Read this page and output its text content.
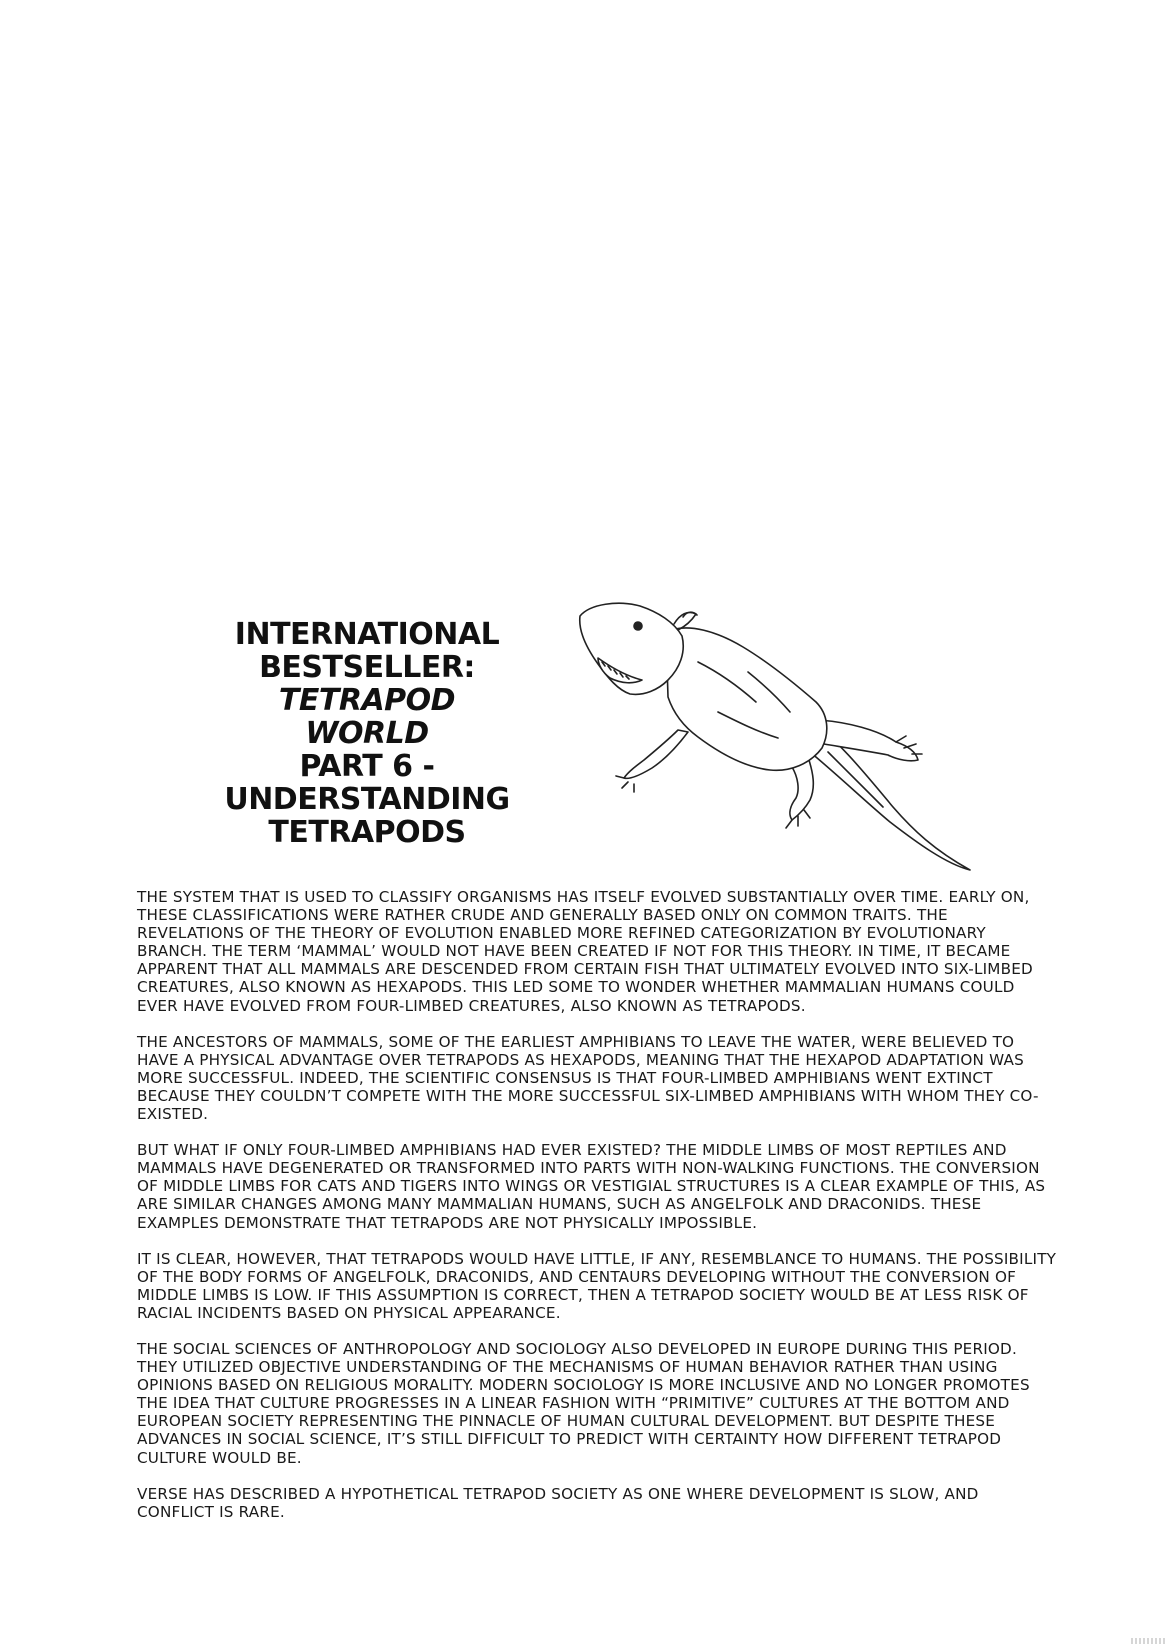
INTERNATIONAL
BESTSELLER:
TETRAPOD WORLD
PART 6 -
UNDERSTANDING
TETRAPODS

THE SYSTEM THAT IS USED TO CLASSIFY ORGANISMS HAS ITSELF EVOLVED SUBSTANTIALLY OVER TIME. EARLY ON, THESE CLASSIFICATIONS WERE RATHER CRUDE AND GENERALLY BASED ONLY ON COMMON TRAITS. THE REVELATIONS OF THE THEORY OF EVOLUTION ENABLED MORE REFINED CATEGORIZATION BY EVOLUTIONARY BRANCH. THE TERM ‘MAMMAL’ WOULD NOT HAVE BEEN CREATED IF NOT FOR THIS THEORY. IN TIME, IT BECAME APPARENT THAT ALL MAMMALS ARE DESCENDED FROM CERTAIN FISH THAT ULTIMATELY EVOLVED INTO SIX-LIMBED CREATURES, ALSO KNOWN AS HEXAPODS. THIS LED SOME TO WONDER WHETHER MAMMALIAN HUMANS COULD EVER HAVE EVOLVED FROM FOUR-LIMBED CREATURES, ALSO KNOWN AS TETRAPODS.

THE ANCESTORS OF MAMMALS, SOME OF THE EARLIEST AMPHIBIANS TO LEAVE THE WATER, WERE BELIEVED TO HAVE A PHYSICAL ADVANTAGE OVER TETRAPODS AS HEXAPODS, MEANING THAT THE HEXAPOD ADAPTATION WAS MORE SUCCESSFUL. INDEED, THE SCIENTIFIC CONSENSUS IS THAT FOUR-LIMBED AMPHIBIANS WENT EXTINCT BECAUSE THEY COULDN’T COMPETE WITH THE MORE SUCCESSFUL SIX-LIMBED AMPHIBIANS WITH WHOM THEY CO-EXISTED.

BUT WHAT IF ONLY FOUR-LIMBED AMPHIBIANS HAD EVER EXISTED? THE MIDDLE LIMBS OF MOST REPTILES AND MAMMALS HAVE DEGENERATED OR TRANSFORMED INTO PARTS WITH NON-WALKING FUNCTIONS. THE CONVERSION OF MIDDLE LIMBS FOR CATS AND TIGERS INTO WINGS OR VESTIGIAL STRUCTURES IS A CLEAR EXAMPLE OF THIS, AS ARE SIMILAR CHANGES AMONG MANY MAMMALIAN HUMANS, SUCH AS ANGELFOLK AND DRACONIDS. THESE EXAMPLES DEMONSTRATE THAT TETRAPODS ARE NOT PHYSICALLY IMPOSSIBLE.

IT IS CLEAR, HOWEVER, THAT TETRAPODS WOULD HAVE LITTLE, IF ANY, RESEMBLANCE TO HUMANS. THE POSSIBILITY OF THE BODY FORMS OF ANGELFOLK, DRACONIDS, AND CENTAURS DEVELOPING WITHOUT THE CONVERSION OF MIDDLE LIMBS IS LOW. IF THIS ASSUMPTION IS CORRECT, THEN A TETRAPOD SOCIETY WOULD BE AT LESS RISK OF RACIAL INCIDENTS BASED ON PHYSICAL APPEARANCE.

THE SOCIAL SCIENCES OF ANTHROPOLOGY AND SOCIOLOGY ALSO DEVELOPED IN EUROPE DURING THIS PERIOD. THEY UTILIZED OBJECTIVE UNDERSTANDING OF THE MECHANISMS OF HUMAN BEHAVIOR RATHER THAN USING OPINIONS BASED ON RELIGIOUS MORALITY. MODERN SOCIOLOGY IS MORE INCLUSIVE AND NO LONGER PROMOTES THE IDEA THAT CULTURE PROGRESSES IN A LINEAR FASHION WITH “PRIMITIVE” CULTURES AT THE BOTTOM AND EUROPEAN SOCIETY REPRESENTING THE PINNACLE OF HUMAN CULTURAL DEVELOPMENT. BUT DESPITE THESE ADVANCES IN SOCIAL SCIENCE, IT’S STILL DIFFICULT TO PREDICT WITH CERTAINTY HOW DIFFERENT TETRAPOD CULTURE WOULD BE.

VERSE HAS DESCRIBED A HYPOTHETICAL TETRAPOD SOCIETY AS ONE WHERE DEVELOPMENT IS SLOW, AND CONFLICT IS RARE.
